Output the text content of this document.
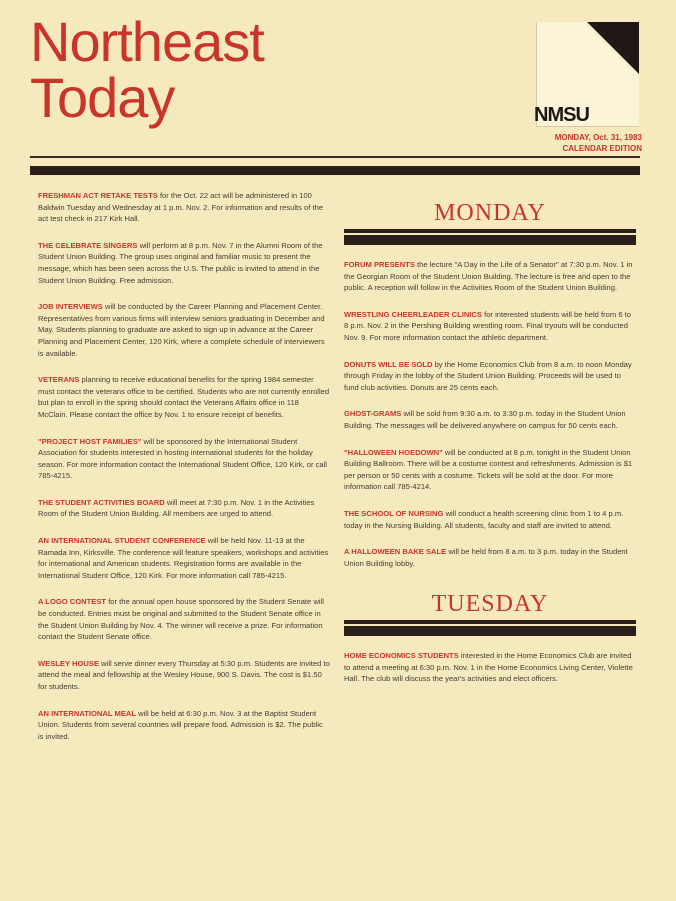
Northeast
Today	NMSU
MONDAY, Oct. 31, 1983
CALENDAR EDITION

FRESHMAN ACT RETAKE TESTS for the Oct. 22 act will be administered in 100 Baldwin Tuesday and Wednesday at 1 p.m. Nov. 2. For information and results of the act test check in 217 Kirk Hall.

THE CELEBRATE SINGERS will perform at 8 p.m. Nov. 7 in the Alumni Room of the Student Union Building. The group uses original and familiar music to present the message, which has been seen across the U.S. The public is invited to attend in the Student Union Building. Free admission.

JOB INTERVIEWS will be conducted by the Career Planning and Placement Center. Representatives from various firms will interview seniors graduating in December and May. Students planning to graduate are asked to sign up in advance at the Career Planning and Placement Center, 120 Kirk, where a complete schedule of interviewers is available.

VETERANS planning to receive educational benefits for the spring 1984 semester must contact the veterans office to be certified. Students who are not currently enrolled but plan to enroll in the spring should contact the Veterans Affairs office in 118 McClain. Please contact the office by Nov. 1 to ensure receipt of benefits.

"PROJECT HOST FAMILIES" will be sponsored by the International Student Association for students interested in hosting international students for the holiday season. For more information contact the International Student Office, 120 Kirk, or call 785-4215.

THE STUDENT ACTIVITIES BOARD will meet at 7:30 p.m. Nov. 1 in the Activities Room of the Student Union Building. All members are urged to attend.

AN INTERNATIONAL STUDENT CONFERENCE will be held Nov. 11-13 at the Ramada Inn, Kirksville. The conference will feature speakers, workshops and activities for international and American students. Registration forms are available in the International Student Office, 120 Kirk. For more information call 785-4215.

A LOGO CONTEST for the annual open house sponsored by the Student Senate will be conducted. Entries must be original and submitted to the Student Senate office in the Student Union Building by Nov. 4. The winner will receive a prize. For information contact the Student Senate office.

WESLEY HOUSE will serve dinner every Thursday at 5:30 p.m. Students are invited to attend the meal and fellowship at the Wesley House, 900 S. Davis. The cost is $1.50 for students.

AN INTERNATIONAL MEAL will be held at 6:30 p.m. Nov. 3 at the Baptist Student Union. Students from several countries will prepare food. Admission is $2. The public is invited.

MONDAY

FORUM PRESENTS the lecture "A Day in the Life of a Senator" at 7:30 p.m. Nov. 1 in the Georgian Room of the Student Union Building. The lecture is free and open to the public. A reception will follow in the Activities Room of the Student Union Building.

WRESTLING CHEERLEADER CLINICS for interested students will be held from 6 to 8 p.m. Nov. 2 in the Pershing Building wrestling room. Final tryouts will be conducted Nov. 9. For more information contact the athletic department.

DONUTS WILL BE SOLD by the Home Economics Club from 8 a.m. to noon Monday through Friday in the lobby of the Student Union Building. Proceeds will be used to fund club activities. Donuts are 25 cents each.

GHOST-GRAMS will be sold from 9:30 a.m. to 3:30 p.m. today in the Student Union Building. The messages will be delivered anywhere on campus for 50 cents each.

"HALLOWEEN HOEDOWN" will be conducted at 8 p.m. tonight in the Student Union Building Ballroom. There will be a costume contest and refreshments. Admission is $1 per person or 50 cents with a costume. Tickets will be sold at the door. For more information call 785-4214.

THE SCHOOL OF NURSING will conduct a health screening clinic from 1 to 4 p.m. today in the Nursing Building. All students, faculty and staff are invited to attend.

A HALLOWEEN BAKE SALE will be held from 8 a.m. to 3 p.m. today in the Student Union Building lobby.

TUESDAY

HOME ECONOMICS STUDENTS interested in the Home Economics Club are invited to attend a meeting at 6:30 p.m. Nov. 1 in the Home Economics Living Center, Violette Hall. The club will discuss the year's activities and elect officers.
